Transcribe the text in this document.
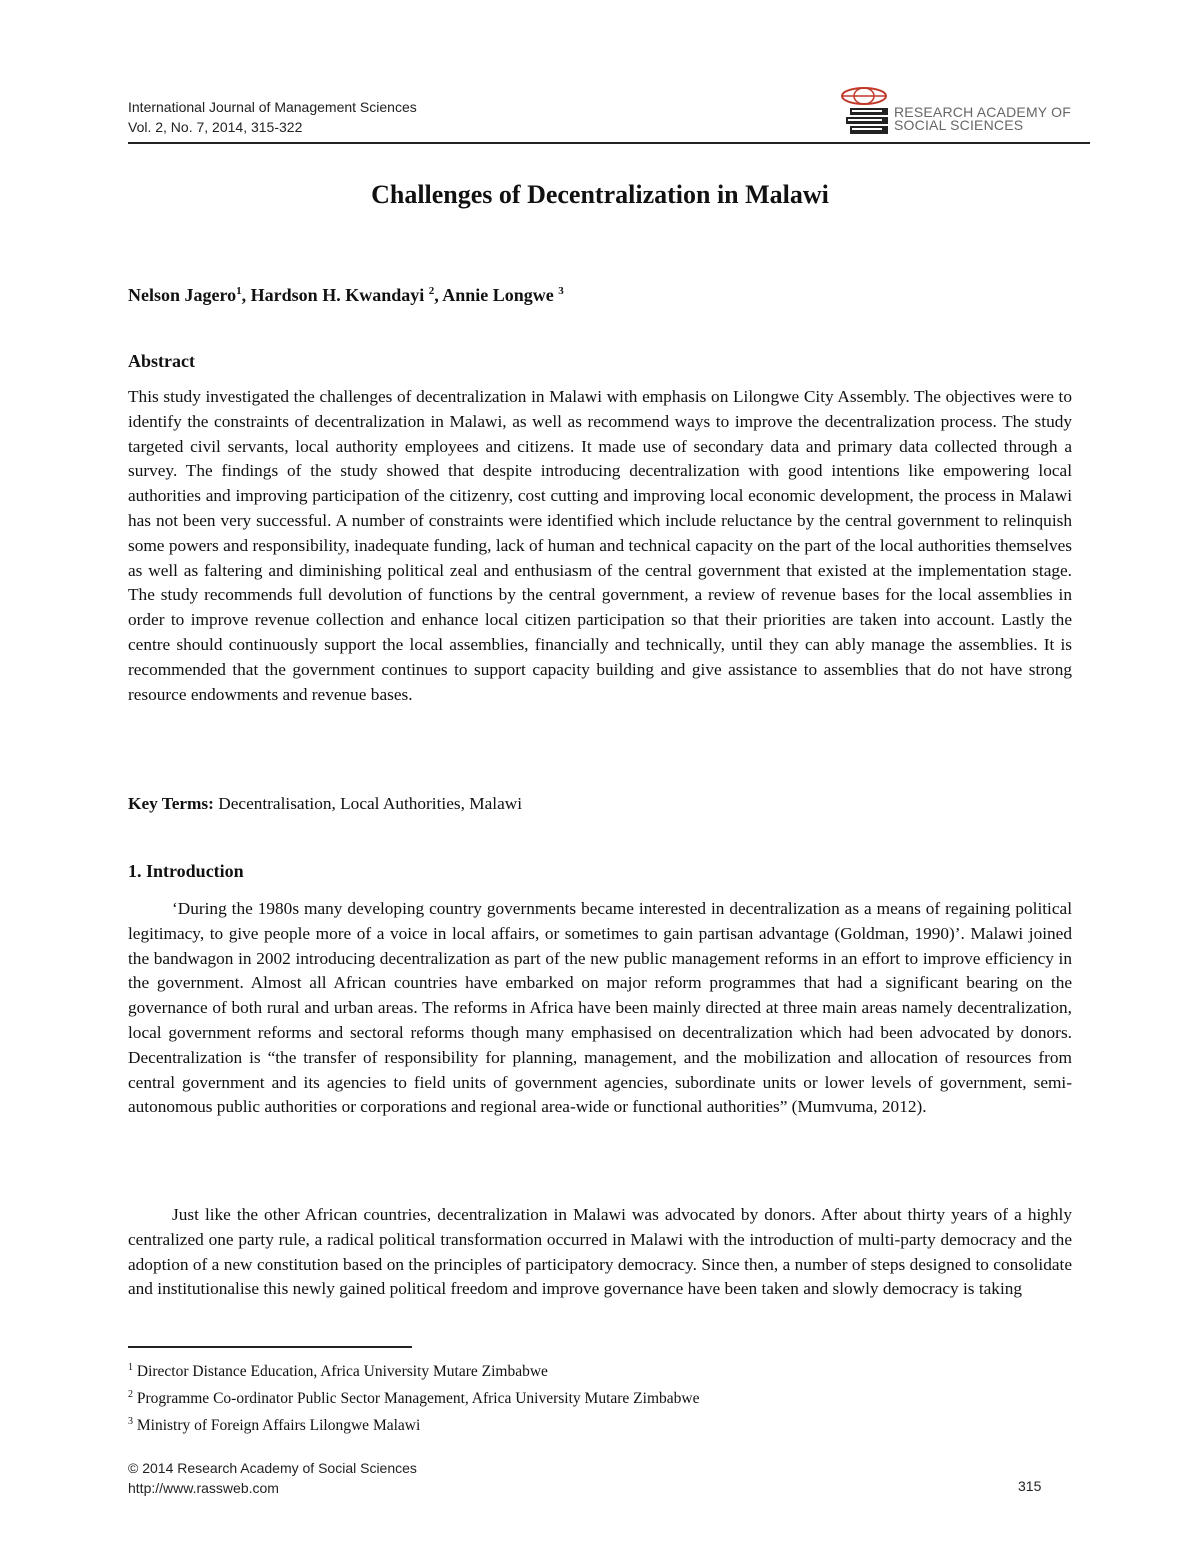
International Journal of Management Sciences
Vol. 2, No. 7, 2014, 315-322
RESEARCH ACADEMY OF
SOCIAL SCIENCES
Challenges of Decentralization in Malawi
Nelson Jagero$^1$, Hardson H. Kwandayi $^2$, Annie Longwe $^3$
Abstract

This study investigated the challenges of decentralization in Malawi with emphasis on Lilongwe City Assembly. The objectives were to identify the constraints of decentralization in Malawi, as well as recommend ways to improve the decentralization process. The study targeted civil servants, local authority employees and citizens. It made use of secondary data and primary data collected through a survey. The findings of the study showed that despite introducing decentralization with good intentions like empowering local authorities and improving participation of the citizenry, cost cutting and improving local economic development, the process in Malawi has not been very successful. A number of constraints were identified which include reluctance by the central government to relinquish some powers and responsibility, inadequate funding, lack of human and technical capacity on the part of the local authorities themselves as well as faltering and diminishing political zeal and enthusiasm of the central government that existed at the implementation stage. The study recommends full devolution of functions by the central government, a review of revenue bases for the local assemblies in order to improve revenue collection and enhance local citizen participation so that their priorities are taken into account. Lastly the centre should continuously support the local assemblies, financially and technically, until they can ably manage the assemblies. It is recommended that the government continues to support capacity building and give assistance to assemblies that do not have strong resource endowments and revenue bases.

Key Terms: Decentralisation, Local Authorities, Malawi
1. Introduction

‘During the 1980s many developing country governments became interested in decentralization as a means of regaining political legitimacy, to give people more of a voice in local affairs, or sometimes to gain partisan advantage (Goldman, 1990)’. Malawi joined the bandwagon in 2002 introducing decentralization as part of the new public management reforms in an effort to improve efficiency in the government. Almost all African countries have embarked on major reform programmes that had a significant bearing on the governance of both rural and urban areas. The reforms in Africa have been mainly directed at three main areas namely decentralization, local government reforms and sectoral reforms though many emphasised on decentralization which had been advocated by donors. Decentralization is “the transfer of responsibility for planning, management, and the mobilization and allocation of resources from central government and its agencies to field units of government agencies, subordinate units or lower levels of government, semi-autonomous public authorities or corporations and regional area-wide or functional authorities” (Mumvuma, 2012).

Just like the other African countries, decentralization in Malawi was advocated by donors. After about thirty years of a highly centralized one party rule, a radical political transformation occurred in Malawi with the introduction of multi-party democracy and the adoption of a new constitution based on the principles of participatory democracy. Since then, a number of steps designed to consolidate and institutionalise this newly gained political freedom and improve governance have been taken and slowly democracy is taking

$^1$ Director Distance Education, Africa University Mutare Zimbabwe
$^2$ Programme Co-ordinator Public Sector Management, Africa University Mutare Zimbabwe
$^3$ Ministry of Foreign Affairs Lilongwe Malawi
© 2014 Research Academy of Social Sciences
http://www.rassweb.com	315
